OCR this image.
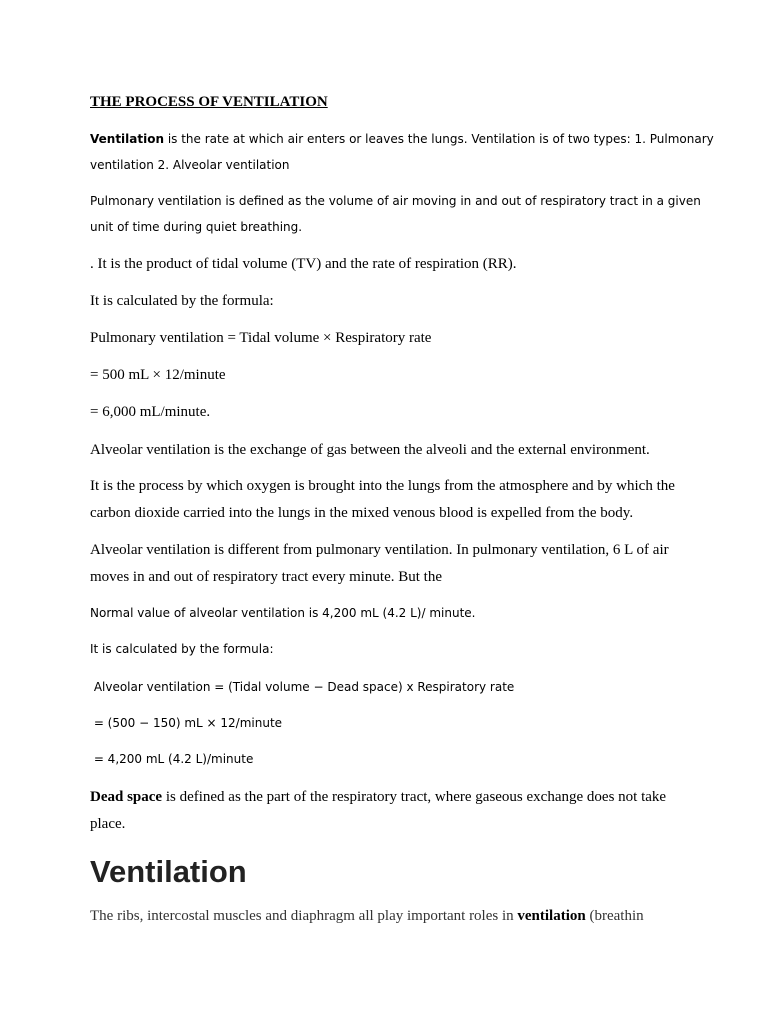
THE PROCESS OF VENTILATION

Ventilation is the rate at which air enters or leaves the lungs. Ventilation is of two types: 1. Pulmonary

ventilation 2. Alveolar ventilation

Pulmonary ventilation is defined as the volume of air moving in and out of respiratory tract in a given

unit of time during quiet breathing.

. It is the product of tidal volume (TV) and the rate of respiration (RR).

It is calculated by the formula:

Pulmonary ventilation = Tidal volume × Respiratory rate

= 500 mL × 12/minute

= 6,000 mL/minute.

Alveolar ventilation is the exchange of gas between the alveoli and the external environment.

It is the process by which oxygen is brought into the lungs from the atmosphere and by which the

carbon dioxide carried into the lungs in the mixed venous blood is expelled from the body.

Alveolar ventilation is different from pulmonary ventilation. In pulmonary ventilation, 6 L of air

moves in and out of respiratory tract every minute. But the

Normal value of alveolar ventilation is 4,200 mL (4.2 L)/ minute.

It is calculated by the formula:

Alveolar ventilation = (Tidal volume − Dead space) x Respiratory rate

= (500 − 150) mL × 12/minute

= 4,200 mL (4.2 L)/minute

Dead space is defined as the part of the respiratory tract, where gaseous exchange does not take

place.

Ventilation

The ribs, intercostal muscles and diaphragm all play important roles in ventilation (breathin
